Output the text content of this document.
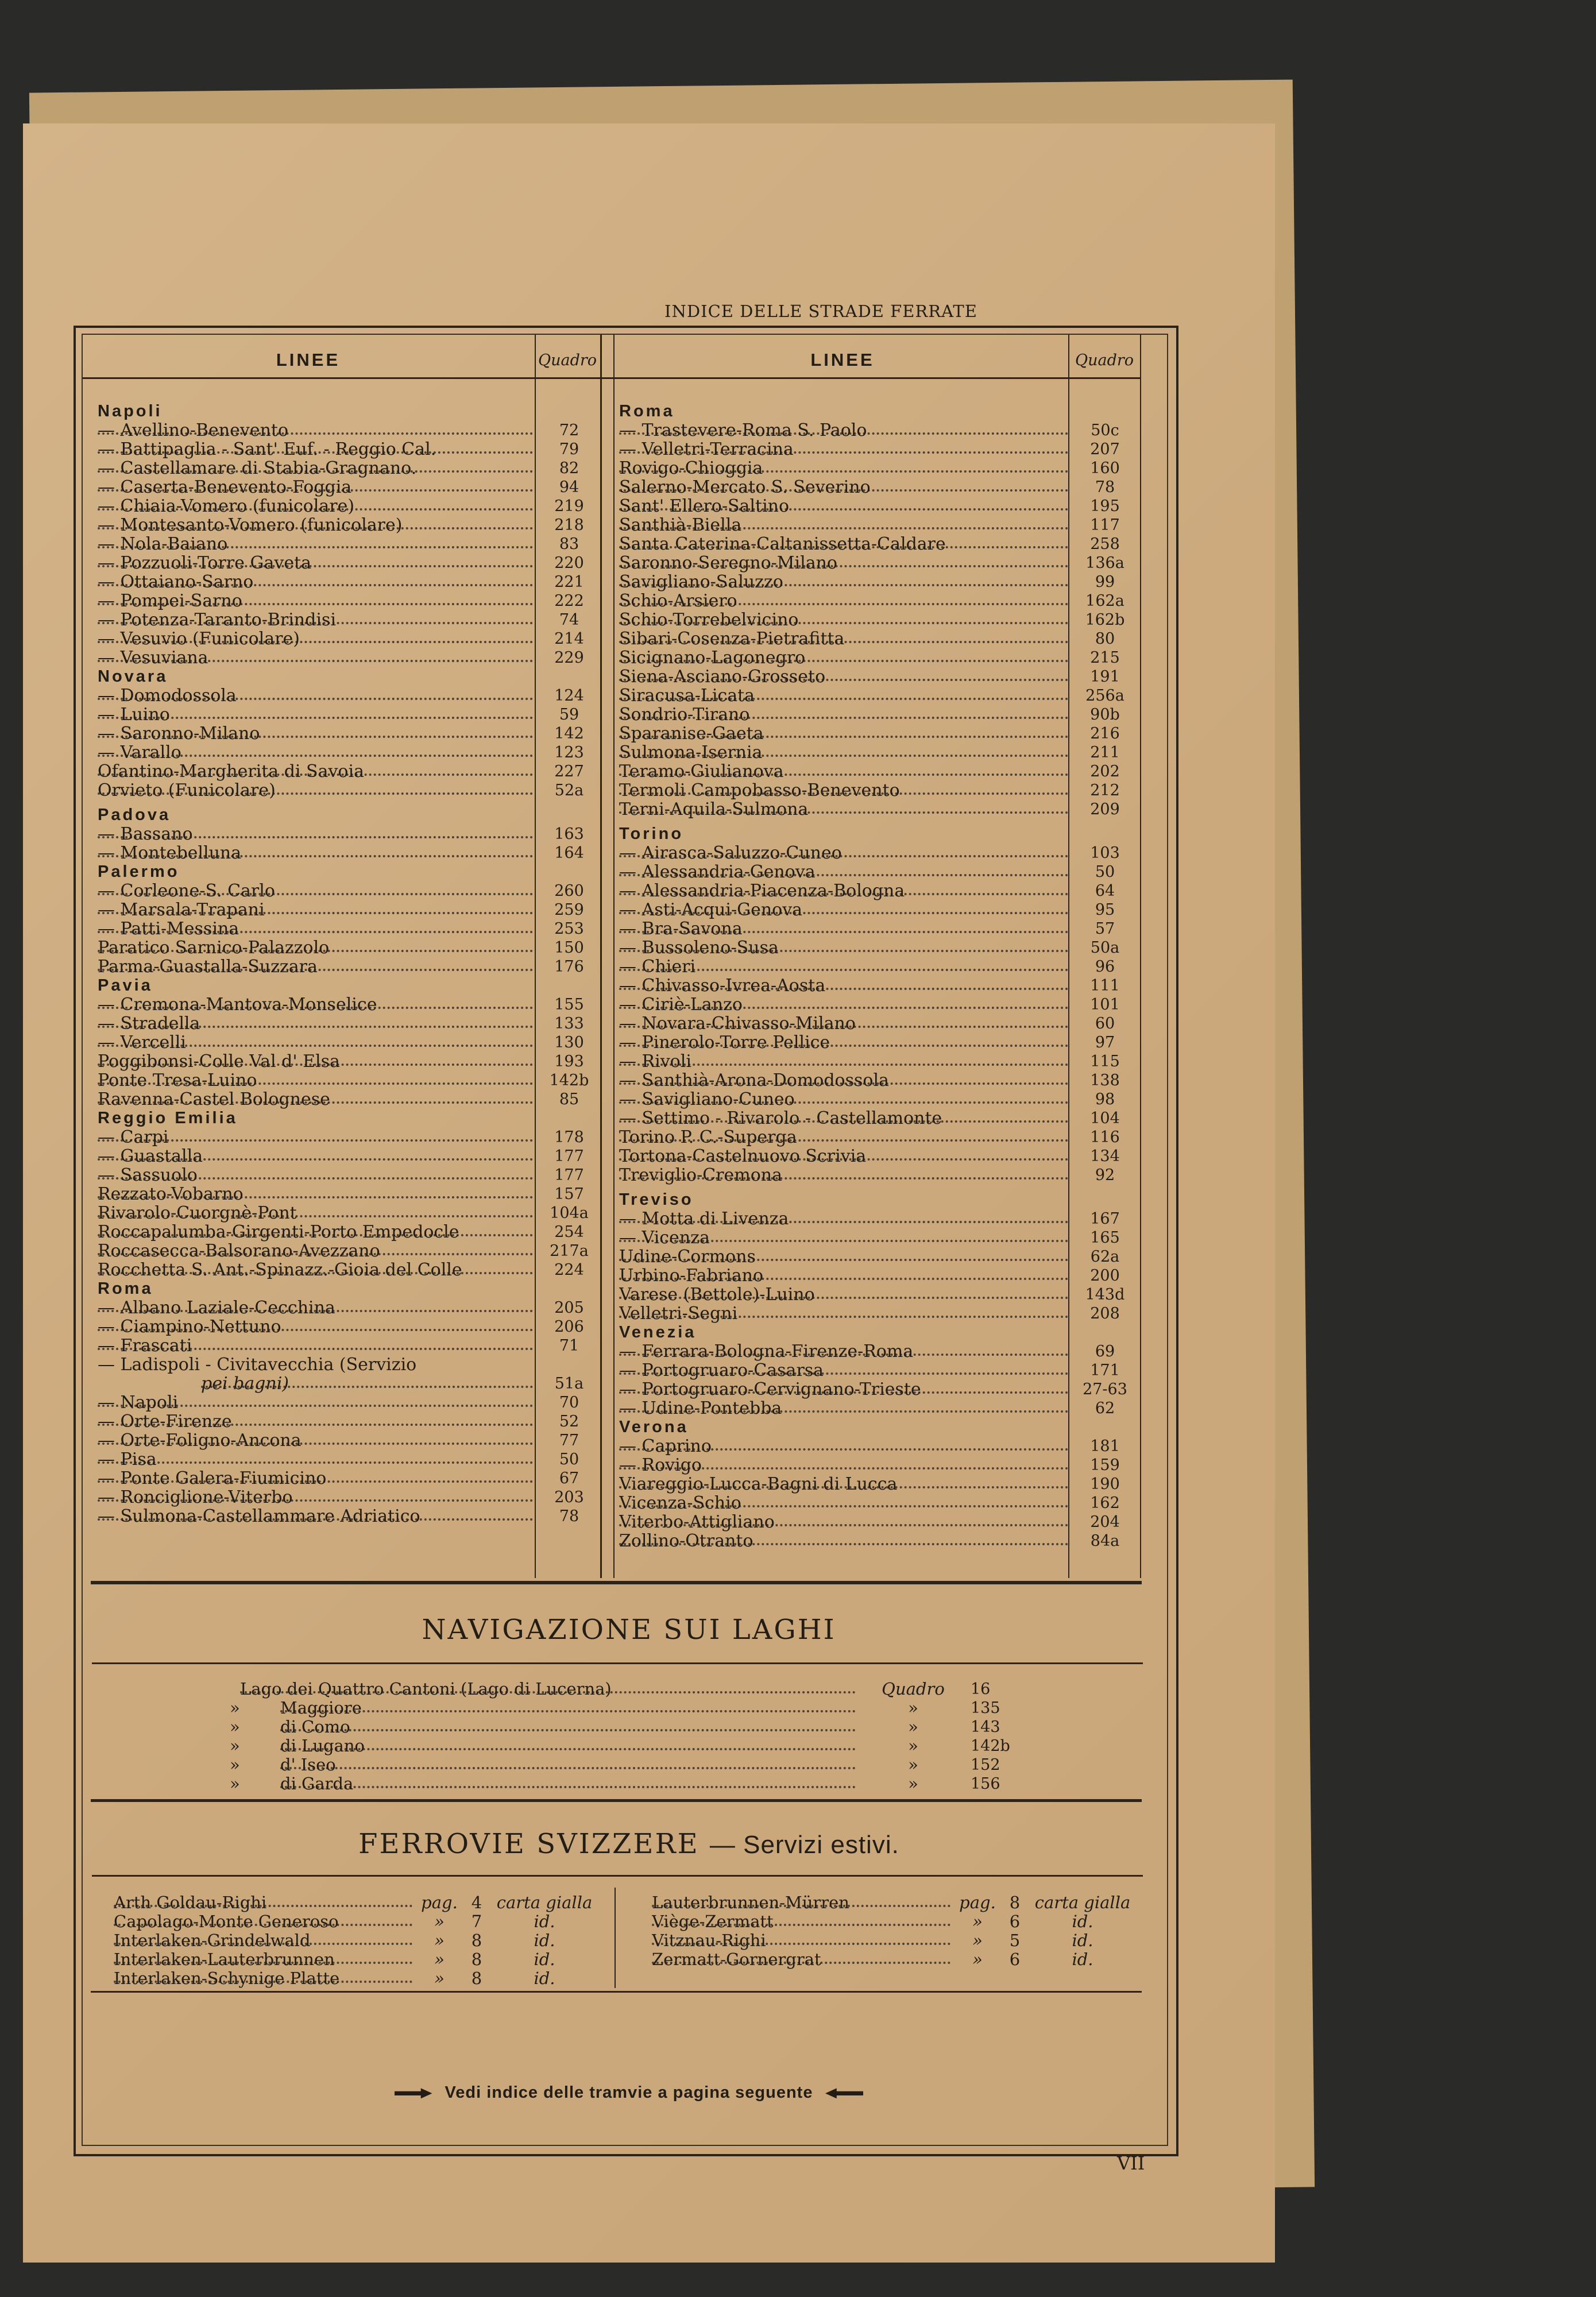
INDICE DELLE STRADE FERRATE
LINEE	Quadro	LINEE	Quadro
Napoli
— Avellino-Benevento	72
— Battipaglia - Sant' Euf. - Reggio Cal.	79
— Castellamare di Stabia-Gragnano.	82
— Caserta-Benevento-Foggia	94
— Chiaia-Vomero (funicolare)	219
— Montesanto-Vomero (funicolare)	218
— Nola-Baiano	83
— Pozzuoli-Torre Gaveta	220
— Ottaiano-Sarno	221
— Pompei-Sarno	222
— Potenza-Taranto-Brindisi	74
— Vesuvio (Funicolare)	214
— Vesuviana	229
Novara
— Domodossola	124
— Luino	59
— Saronno-Milano	142
— Varallo	123
Ofantino-Margherita di Savoia	227
Orvieto (Funicolare)	52a
Padova
— Bassano	163
— Montebelluna	164
Palermo
— Corleone-S. Carlo	260
— Marsala-Trapani	259
— Patti-Messina	253
Paratico Sarnico-Palazzolo	150
Parma-Guastalla-Suzzara	176
Pavia
— Cremona-Mantova-Monselice	155
— Stradella	133
— Vercelli	130
Poggibonsi-Colle Val d' Elsa	193
Ponte Tresa-Luino	142b
Ravenna-Castel Bolognese	85
Reggio Emilia
— Carpi	178
— Guastalla	177
— Sassuolo	177
Rezzato-Vobarno	157
Rivarolo-Cuorgnè-Pont	104a
Roccapalumba-Girgenti-Porto Empedocle	254
Roccasecca-Balsorano-Avezzano	217a
Rocchetta S. Ant.-Spinazz.-Gioia del Colle	224
Roma
— Albano Laziale-Cecchina	205
— Ciampino-Nettuno	206
— Frascati	71
— Ladispoli - Civitavecchia (Servizio
pei bagni)	51a
— Napoli	70
— Orte-Firenze	52
— Orte-Foligno-Ancona	77
— Pisa	50
— Ponte Galera-Fiumicino	67
— Ronciglione-Viterbo	203
— Sulmona-Castellammare Adriatico	78
Roma
— Trastevere-Roma S. Paolo	50c
— Velletri-Terracina	207
Rovigo-Chioggia	160
Salerno-Mercato S. Severino	78
Sant' Ellero-Saltino	195
Santhià-Biella	117
Santa Caterina-Caltanissetta-Caldare	258
Saronno-Seregno-Milano	136a
Savigliano-Saluzzo	99
Schio-Arsiero	162a
Schio-Torrebelvicino	162b
Sibari-Cosenza-Pietrafitta	80
Sicignano-Lagonegro	215
Siena-Asciano-Grosseto	191
Siracusa-Licata	256a
Sondrio-Tirano	90b
Sparanise-Gaeta	216
Sulmona-Isernia	211
Teramo-Giulianova	202
Termoli Campobasso-Benevento	212
Terni-Aquila-Sulmona	209
Torino
— Airasca-Saluzzo-Cuneo	103
— Alessandria-Genova	50
— Alessandria-Piacenza-Bologna	64
— Asti-Acqui-Genova	95
— Bra-Savona	57
— Bussoleno-Susa	50a
— Chieri	96
— Chivasso-Ivrea-Aosta	111
— Ciriè-Lanzo	101
— Novara-Chivasso-Milano	60
— Pinerolo-Torre Pellice	97
— Rivoli	115
— Santhià-Arona-Domodossola	138
— Savigliano-Cuneo	98
— Settimo - Rivarolo - Castellamonte	104
Torino P. C.-Superga	116
Tortona-Castelnuovo Scrivia	134
Treviglio-Cremona	92
Treviso
— Motta di Livenza	167
— Vicenza	165
Udine-Cormons	62a
Urbino-Fabriano	200
Varese (Bettole)-Luino	143d
Velletri-Segni	208
Venezia
— Ferrara-Bologna-Firenze-Roma	69
— Portogruaro-Casarsa	171
— Portogruaro-Cervignano-Trieste	27-63
— Udine-Pontebba	62
Verona
— Caprino	181
— Rovigo	159
Viareggio-Lucca-Bagni di Lucca	190
Vicenza-Schio	162
Viterbo-Attigliano	204
Zollino-Otranto	84a
NAVIGAZIONE SUI LAGHI
Lago dei Quattro Cantoni (Lago di Lucerna)	Quadro	16
» Maggiore	»	135
» di Como	»	143
» di Lugano	»	142b
» d' Iseo	»	152
» di Garda	»	156
FERROVIE SVIZZERE — Servizi estivi.
Arth Goldau-Righi	pag. 4 carta gialla
Capolago-Monte Generoso	»	7	id.
Interlaken-Grindelwald	»	8	id.
Interlaken-Lauterbrunnen	»	8	id.
Interlaken-Schynige Platte	»	8	id.
Lauterbrunnen-Mürren	pag. 8 carta gialla
Viège-Zermatt	»	6	id.
Vitznau-Righi	»	5	id.
Zermatt-Gornergrat	»	6	id.
Vedi indice delle tramvie a pagina seguente
VII
